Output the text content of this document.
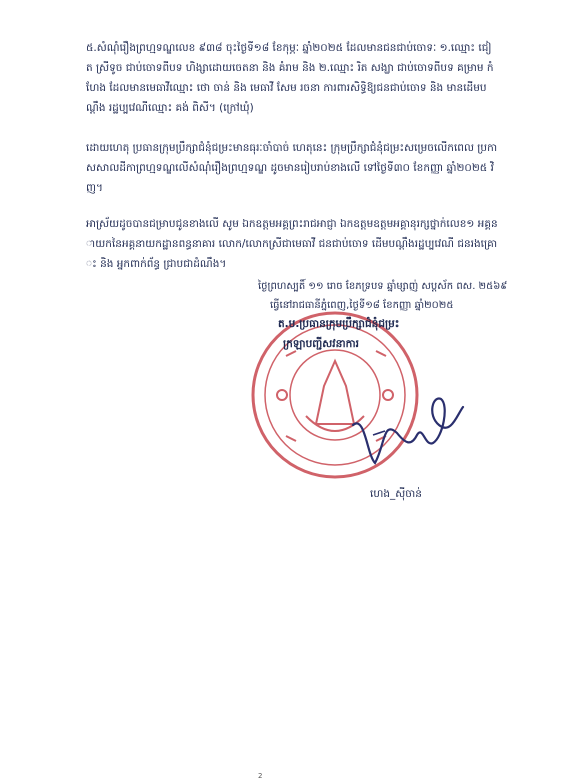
៥.សំណុំរឿងព្រហ្មទណ្ឌលេខ ៩៣៨ ចុះថ្ងៃទី១៨ ខែកុម្ភៈ ឆ្នាំ២០២៥ ដែលមានជនជាប់ចោទៈ ១.ឈ្មោះ ជៀត ស្រីទូច ជាប់ចោទពីបទ ហិង្សាដោយចេតនា និង គំរាម និង ២.ឈ្មោះ រិត សង្ឃា ជាប់ចោទពីបទ គម្រាម កំហែង ដែលមានមេធាវីឈ្មោះ ថោ ចាន់ និង មេធាវី សែម រចនា ការពារសិទ្ធិឱ្យជនជាប់ចោទ និង មានដើមបណ្តឹង រដ្ឋប្បវេណីឈ្មោះ គង់ ពិសី។ (ក្រៅឃុំ)
ដោយហេតុ ប្រធានក្រុមប្រឹក្សាជំនុំជម្រះមានធុរៈចាំបាច់ ហេតុនេះ ក្រុមប្រឹក្សាជំនុំជម្រះសម្រេចលើកពេល ប្រកាសសាលដីកាព្រហ្មទណ្ឌលើសំណុំរឿងព្រហ្មទណ្ឌ ដូចមានរៀបរាប់ខាងលើ ទៅថ្ងៃទី៣០ ខែកញ្ញា ឆ្នាំ២០២៥ វិញ។
អាស្រ័យដូចបានជម្រាបជូនខាងលើ សូម ឯកឧត្តមអគ្គព្រះរាជអាជ្ញា ឯកឧត្តមឧត្តមអគ្គានុរក្សថ្នាក់លេខ១ អគ្គនាយកនៃអគ្គនាយកដ្ឋានពន្ធនាគារ លោក/លោកស្រីជាមេធាវី ជនជាប់ចោទ ដើមបណ្តឹងរដ្ឋប្បវេណី ជនរងគ្រោះ និង អ្នកពាក់ព័ន្ធ ជ្រាបជាដំណឹង។
ថ្ងៃព្រហស្បតិ៍ ១១ រោច ខែភទ្របទ ឆ្នាំម្សាញ់ សប្តស័ក ពស. ២៥៦៩
ធ្វើនៅរាជធានីភ្នំពេញ,ថ្ងៃទី១៨ ខែកញ្ញា ឆ្នាំ២០២៥
ត.ម.ប្រធានក្រុមប្រឹក្សាជំនុំជម្រះ
ក្រឡាបញ្ជីសវនាការ
ហេង_ស៊ីចាន់
2
